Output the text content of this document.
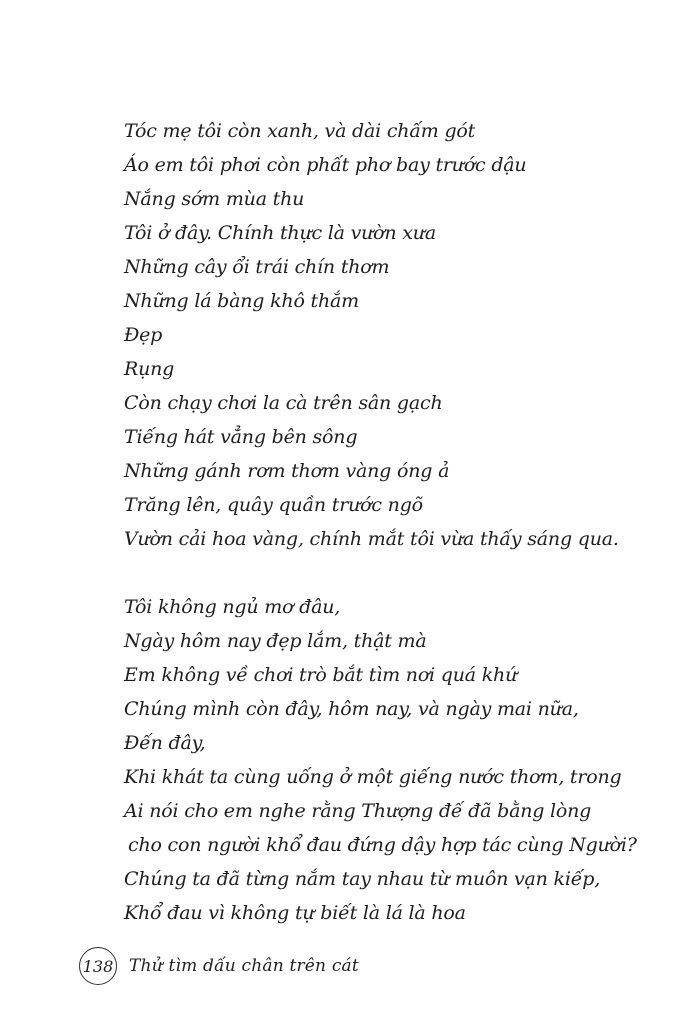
Tóc mẹ tôi còn xanh, và dài chấm gót
Áo em tôi phơi còn phất phơ bay trước dậu
Nắng sớm mùa thu
Tôi ở đây. Chính thực là vườn xưa
Những cây ổi trái chín thơm
Những lá bàng khô thắm
Đẹp
Rụng
Còn chạy chơi la cà trên sân gạch
Tiếng hát vẳng bên sông
Những gánh rơm thơm vàng óng ả
Trăng lên, quây quần trước ngõ
Vườn cải hoa vàng, chính mắt tôi vừa thấy sáng qua.
Tôi không ngủ mơ đâu,
Ngày hôm nay đẹp lắm, thật mà
Em không về chơi trò bắt tìm nơi quá khứ
Chúng mình còn đây, hôm nay, và ngày mai nữa,
Đến đây,
Khi khát ta cùng uống ở một giếng nước thơm, trong
Ai nói cho em nghe rằng Thượng đế đã bằng lòng
cho con người khổ đau đứng dậy hợp tác cùng Người?
Chúng ta đã từng nắm tay nhau từ muôn vạn kiếp,
Khổ đau vì không tự biết là lá là hoa
138 Thử tìm dấu chân trên cát
